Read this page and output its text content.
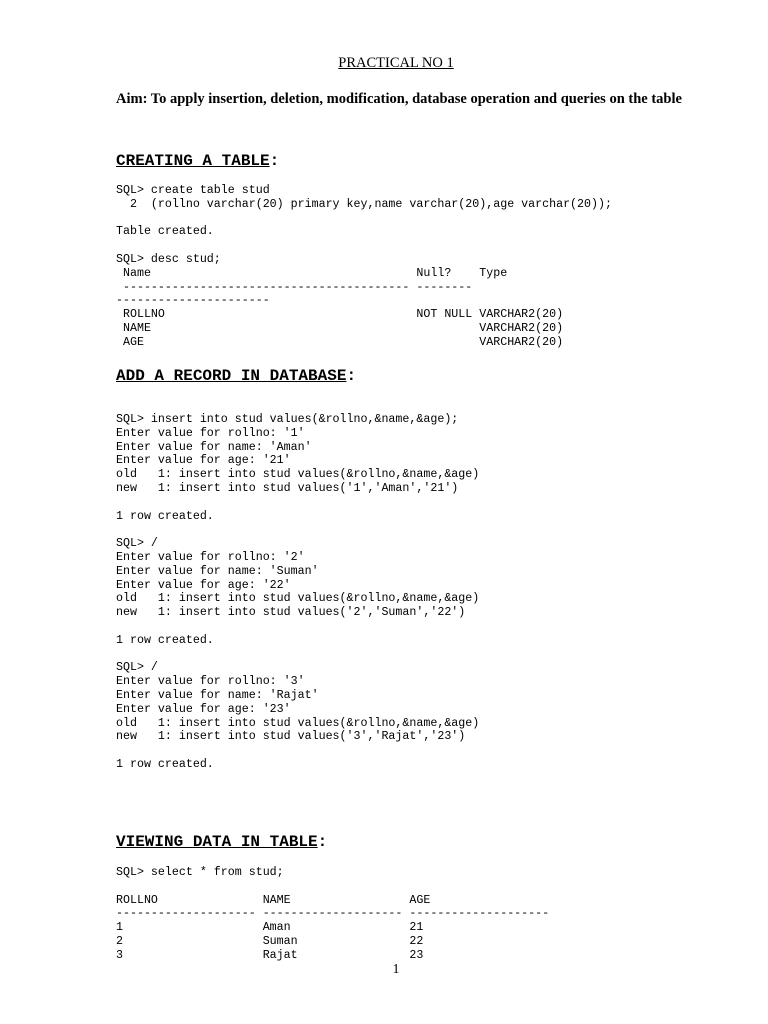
PRACTICAL NO 1
Aim: To apply insertion, deletion, modification, database operation and queries on the table
CREATING A TABLE:
SQL> create table stud
2  (rollno varchar(20) primary key,name varchar(20),age varchar(20));
Table created.
SQL> desc stud;
Name                                      Null?    Type
----------------------------------------- --------
----------------------
ROLLNO                                    NOT NULL VARCHAR2(20)
NAME                                               VARCHAR2(20)
AGE                                                VARCHAR2(20)
ADD A RECORD IN DATABASE:
SQL> insert into stud values(&rollno,&name,&age);
Enter value for rollno: '1'
Enter value for name: 'Aman'
Enter value for age: '21'
old   1: insert into stud values(&rollno,&name,&age)
new   1: insert into stud values('1','Aman','21')
1 row created.
SQL> /
Enter value for rollno: '2'
Enter value for name: 'Suman'
Enter value for age: '22'
old   1: insert into stud values(&rollno,&name,&age)
new   1: insert into stud values('2','Suman','22')
1 row created.
SQL> /
Enter value for rollno: '3'
Enter value for name: 'Rajat'
Enter value for age: '23'
old   1: insert into stud values(&rollno,&name,&age)
new   1: insert into stud values('3','Rajat','23')
1 row created.
VIEWING DATA IN TABLE:
SQL> select * from stud;
ROLLNO               NAME                 AGE
-------------------- -------------------- --------------------
1                    Aman                 21
2                    Suman                22
3                    Rajat                23
1
